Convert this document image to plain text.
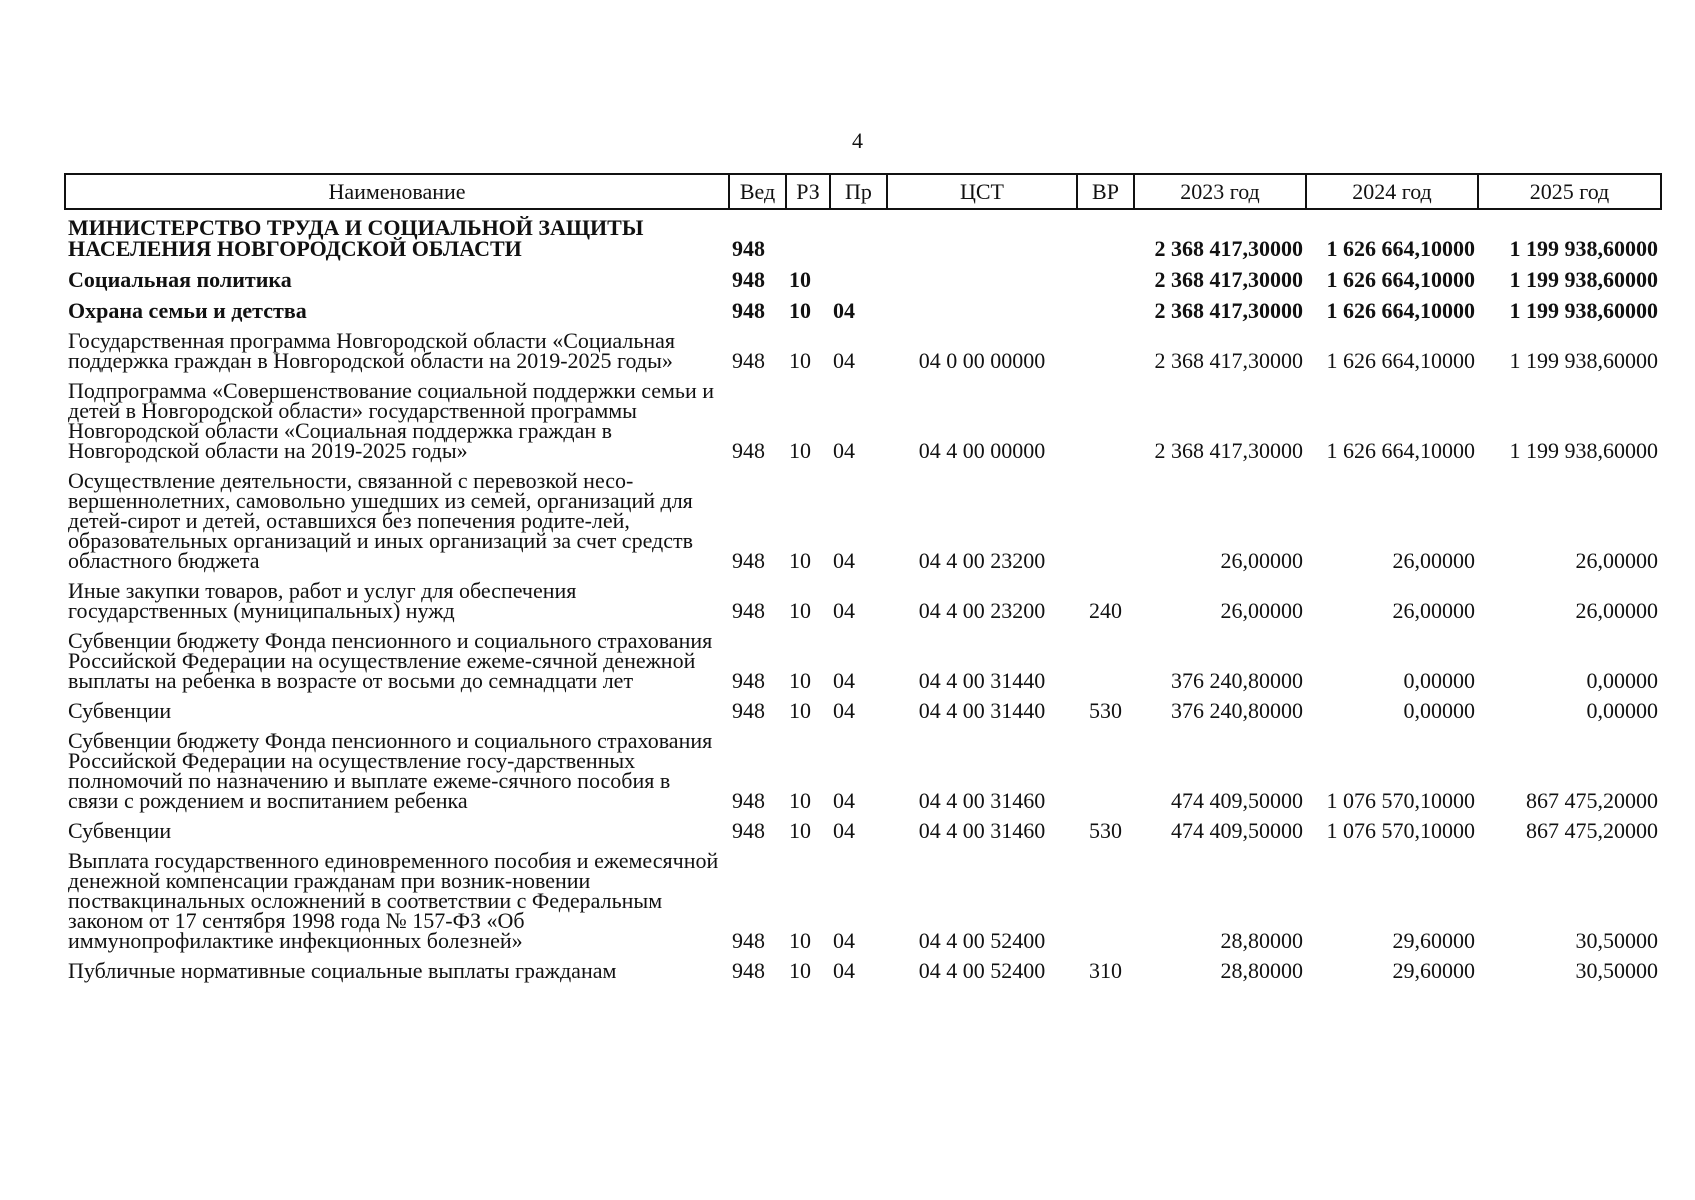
4
Наименование	Вед	РЗ	Пр	ЦСТ	ВР	2023 год	2024 год	2025 год
МИНИСТЕРСТВО ТРУДА И СОЦИАЛЬНОЙ ЗАЩИТЫ НАСЕЛЕНИЯ НОВГОРОДСКОЙ ОБЛАСТИ	948					2 368 417,30000	1 626 664,10000	1 199 938,60000
Социальная политика	948	10				2 368 417,30000	1 626 664,10000	1 199 938,60000
Охрана семьи и детства	948	10	04			2 368 417,30000	1 626 664,10000	1 199 938,60000
Государственная программа Новгородской области «Социальная поддержка граждан в Новгородской области на 2019-2025 годы»	948	10	04	04 0 00 00000		2 368 417,30000	1 626 664,10000	1 199 938,60000
Подпрограмма «Совершенствование социальной поддержки семьи и детей в Новгородской области» государственной программы Новгородской области «Социальная поддержка граждан в Новгородской области на 2019-2025 годы»	948	10	04	04 4 00 00000		2 368 417,30000	1 626 664,10000	1 199 938,60000
Осуществление деятельности, связанной с перевозкой несо-вершеннолетних, самовольно ушедших из семей, организаций для детей-сирот и детей, оставшихся без попечения родите-лей, образовательных организаций и иных организаций за счет средств областного бюджета	948	10	04	04 4 00 23200		26,00000	26,00000	26,00000
Иные закупки товаров, работ и услуг для обеспечения государственных (муниципальных) нужд	948	10	04	04 4 00 23200	240	26,00000	26,00000	26,00000
Субвенции бюджету Фонда пенсионного и социального страхования Российской Федерации на осуществление ежеме-сячной денежной выплаты на ребенка в возрасте от восьми до семнадцати лет	948	10	04	04 4 00 31440		376 240,80000	0,00000	0,00000
Субвенции	948	10	04	04 4 00 31440	530	376 240,80000	0,00000	0,00000
Субвенции бюджету Фонда пенсионного и социального страхования Российской Федерации на осуществление госу-дарственных полномочий по назначению и выплате ежеме-сячного пособия в связи с рождением и воспитанием ребенка	948	10	04	04 4 00 31460		474 409,50000	1 076 570,10000	867 475,20000
Субвенции	948	10	04	04 4 00 31460	530	474 409,50000	1 076 570,10000	867 475,20000
Выплата государственного единовременного пособия и ежемесячной денежной компенсации гражданам при возник-новении поствакцинальных осложнений в соответствии с Федеральным законом от 17 сентября 1998 года № 157-ФЗ «Об иммунопрофилактике инфекционных болезней»	948	10	04	04 4 00 52400		28,80000	29,60000	30,50000
Публичные нормативные социальные выплаты гражданам	948	10	04	04 4 00 52400	310	28,80000	29,60000	30,50000
